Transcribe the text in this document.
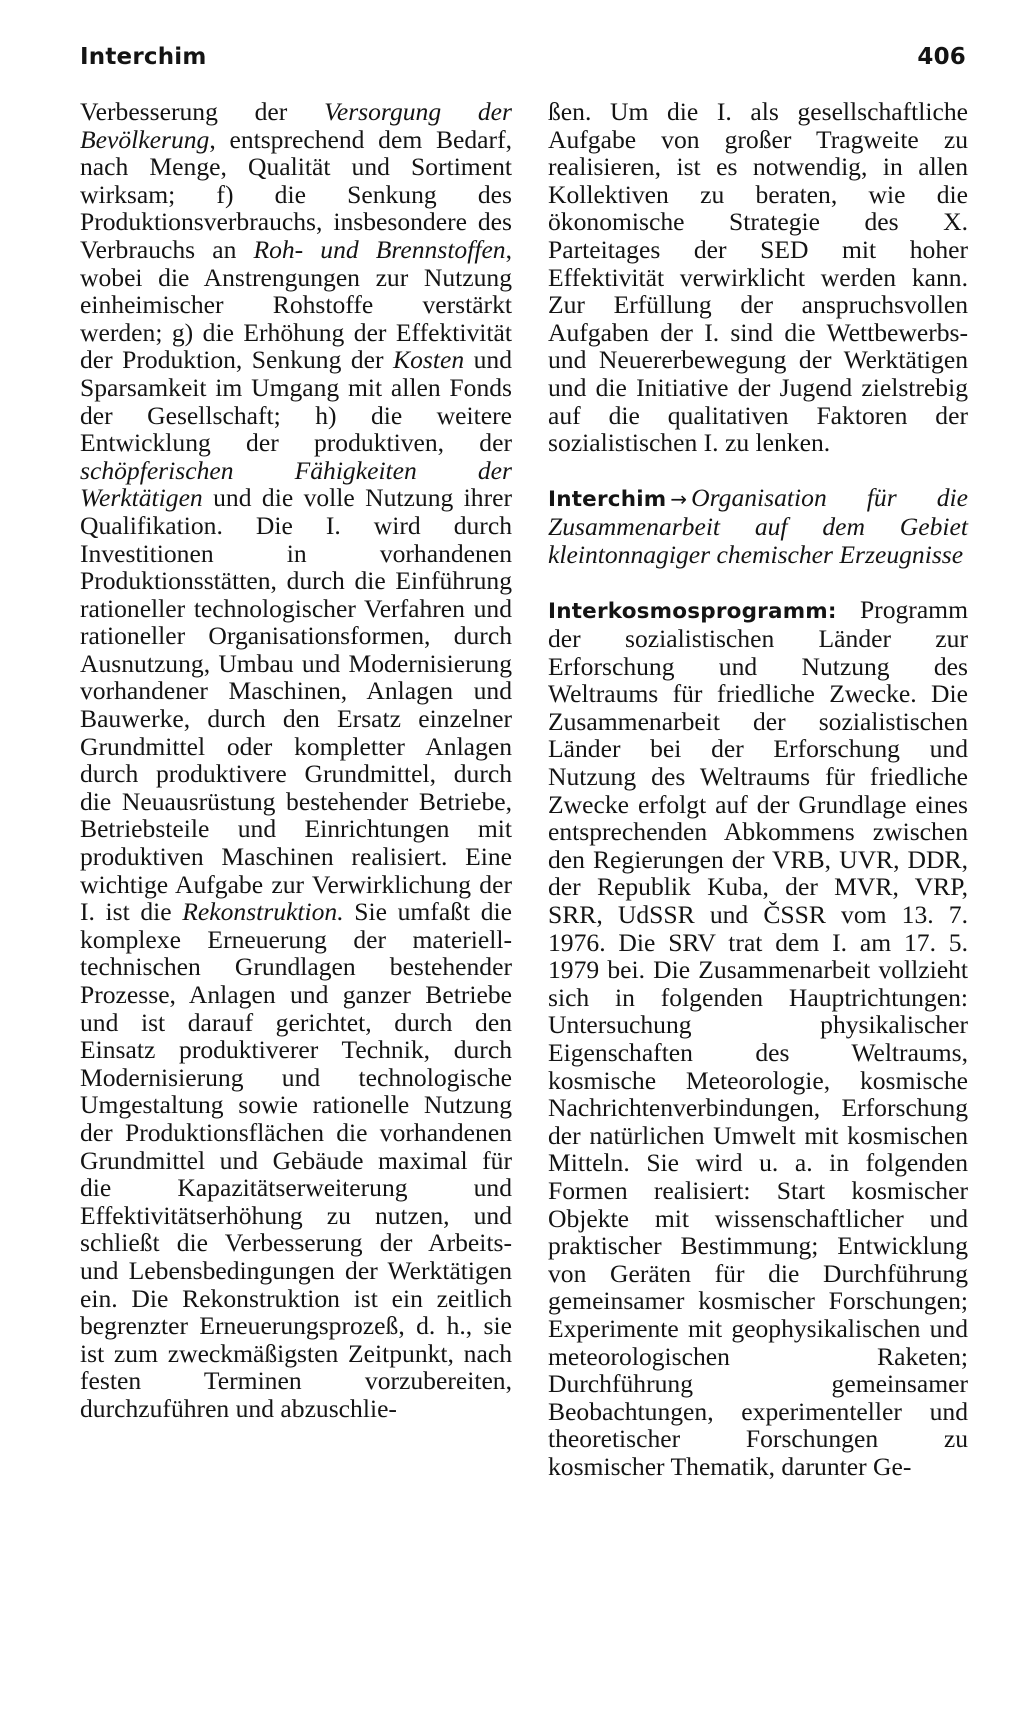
Interchim	406

Verbesserung der Versorgung der Bevölkerung, entsprechend dem Bedarf, nach Menge, Qualität und Sortiment wirksam; f) die Senkung des Produktionsverbrauchs, insbesondere des Verbrauchs an Roh- und Brennstoffen, wobei die Anstrengungen zur Nutzung einheimischer Rohstoffe verstärkt werden; g) die Erhöhung der Effektivität der Produktion, Senkung der Kosten und Sparsamkeit im Umgang mit allen Fonds der Gesellschaft; h) die weitere Entwicklung der produktiven, der schöpferischen Fähigkeiten der Werktätigen und die volle Nutzung ihrer Qualifikation. Die I. wird durch Investitionen in vorhandenen Produktionsstätten, durch die Einführung rationeller technologischer Verfahren und rationeller Organisationsformen, durch Ausnutzung, Umbau und Modernisierung vorhandener Maschinen, Anlagen und Bauwerke, durch den Ersatz einzelner Grundmittel oder kompletter Anlagen durch produktivere Grundmittel, durch die Neuausrüstung bestehender Betriebe, Betriebsteile und Einrichtungen mit produktiven Maschinen realisiert. Eine wichtige Aufgabe zur Verwirklichung der I. ist die Rekonstruktion. Sie umfaßt die komplexe Erneuerung der materiell-technischen Grundlagen bestehender Prozesse, Anlagen und ganzer Betriebe und ist darauf gerichtet, durch den Einsatz produktiverer Technik, durch Modernisierung und technologische Umgestaltung sowie rationelle Nutzung der Produktionsflächen die vorhandenen Grundmittel und Gebäude maximal für die Kapazitätserweiterung und Effektivitätserhöhung zu nutzen, und schließt die Verbesserung der Arbeits- und Lebensbedingungen der Werktätigen ein. Die Rekonstruktion ist ein zeitlich begrenzter Erneuerungsprozeß, d. h., sie ist zum zweckmäßigsten Zeitpunkt, nach festen Terminen vorzubereiten, durchzuführen und abzuschlie-

ßen. Um die I. als gesellschaftliche Aufgabe von großer Tragweite zu realisieren, ist es notwendig, in allen Kollektiven zu beraten, wie die ökonomische Strategie des X. Parteitages der SED mit hoher Effektivität verwirklicht werden kann. Zur Erfüllung der anspruchsvollen Aufgaben der I. sind die Wettbewerbs- und Neuererbewegung der Werktätigen und die Initiative der Jugend zielstrebig auf die qualitativen Faktoren der sozialistischen I. zu lenken.

Interchim → Organisation für die Zusammenarbeit auf dem Gebiet kleintonnagiger chemischer Erzeugnisse

Interkosmosprogramm: Programm der sozialistischen Länder zur Erforschung und Nutzung des Weltraums für friedliche Zwecke. Die Zusammenarbeit der sozialistischen Länder bei der Erforschung und Nutzung des Weltraums für friedliche Zwecke erfolgt auf der Grundlage eines entsprechenden Abkommens zwischen den Regierungen der VRB, UVR, DDR, der Republik Kuba, der MVR, VRP, SRR, UdSSR und ČSSR vom 13. 7. 1976. Die SRV trat dem I. am 17. 5. 1979 bei. Die Zusammenarbeit vollzieht sich in folgenden Hauptrichtungen: Untersuchung physikalischer Eigenschaften des Weltraums, kosmische Meteorologie, kosmische Nachrichtenverbindungen, Erforschung der natürlichen Umwelt mit kosmischen Mitteln. Sie wird u. a. in folgenden Formen realisiert: Start kosmischer Objekte mit wissenschaftlicher und praktischer Bestimmung; Entwicklung von Geräten für die Durchführung gemeinsamer kosmischer Forschungen; Experimente mit geophysikalischen und meteorologischen Raketen; Durchführung gemeinsamer Beobachtungen, experimenteller und theoretischer Forschungen zu kosmischer Thematik, darunter Ge-
